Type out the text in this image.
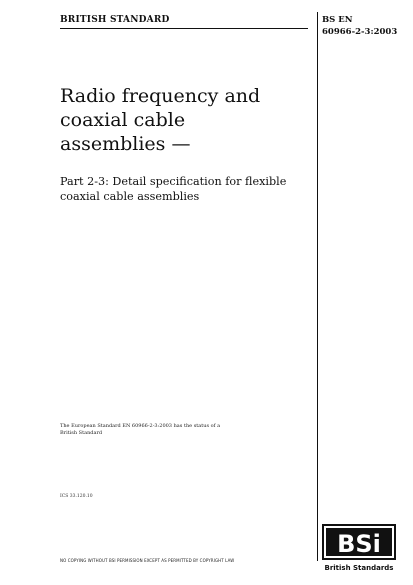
BRITISH STANDARD	BS EN
60966-2-3:2003
Radio frequency and
coaxial cable
assemblies —
Part 2-3: Detail specification for flexible
coaxial cable assemblies
The European Standard EN 60966-2-3:2003 has the status of a
British Standard
ICS 33.120.10
NO COPYING WITHOUT BSI PERMISSION EXCEPT AS PERMITTED BY COPYRIGHT LAW
BSi
British Standards
